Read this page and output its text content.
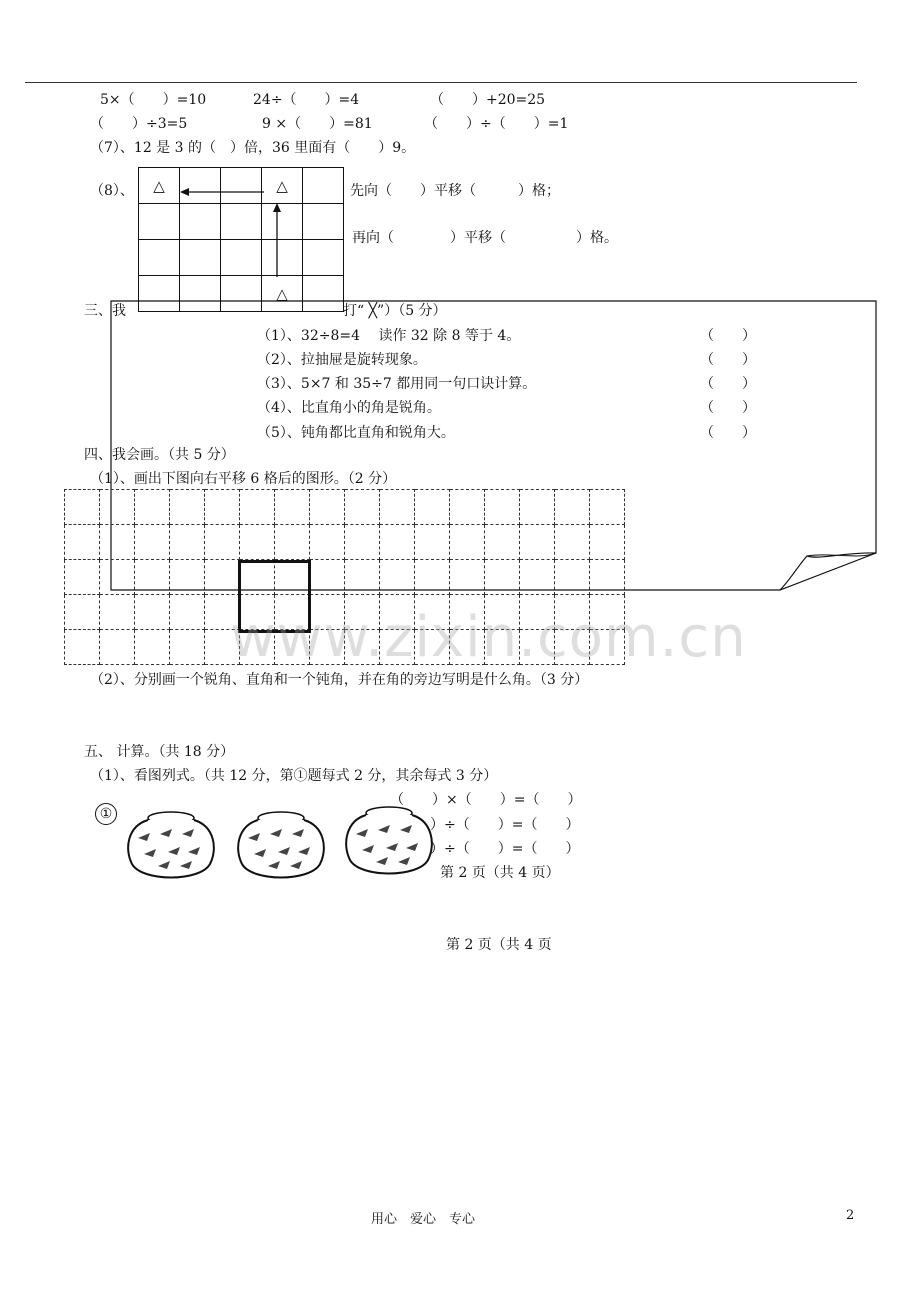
5×（　　）=10	24÷（　　）=4	（　　）+20=25
（　　）÷3=5	9 ×（　　）=81	（　　）÷（　　）=1
（7）、12 是 3 的（　）倍，36 里面有（　　）9。
（8）、	先向（　　）平移（　　　）格；
再向（　　　　）平移（　　　　　）格。
△			△	

			△	
三、我	打“ ╳”）（5 分）
（1）、32÷8=4　 读作 32 除 8 等于 4。	（　　）
（2）、拉抽屉是旋转现象。	（　　）
（3）、5×7 和 35÷7 都用同一句口诀计算。	（　　）
（4）、比直角小的角是锐角。	（　　）
（5）、钝角都比直角和锐角大。	（　　）
四、我会画。（共 5 分）
（1）、画出下图向右平移 6 格后的图形。（2 分）

www.zixin.com.cn
（2）、分别画一个锐角、直角和一个钝角，并在角的旁边写明是什么角。（3 分）
五、 计算。（共 18 分）
（1）、看图列式。（共 12 分，第①题每式 2 分，其余每式 3 分）
①
（　　）×（　　）=（　　）
）÷（　　）=（　　）
）÷（　　）=（　　）
第 2 页（共 4 页）
第 2 页（共 4 页
用心　爱心　专心	2
